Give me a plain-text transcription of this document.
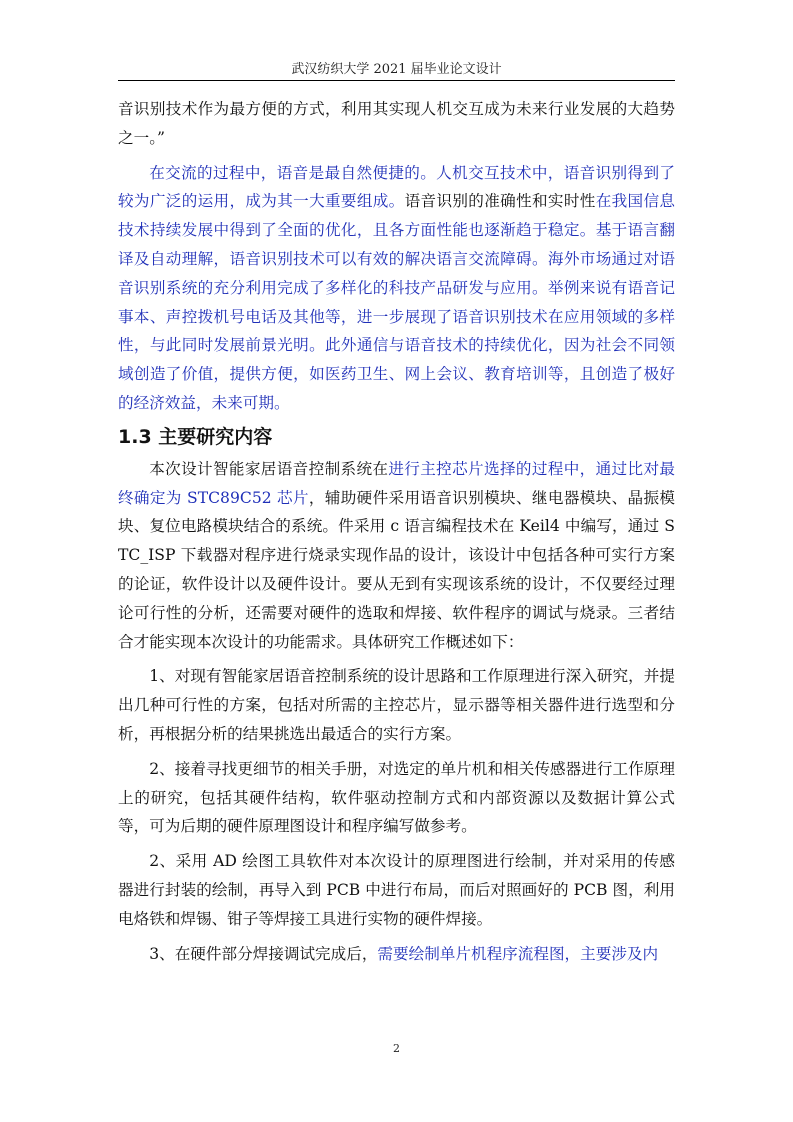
武汉纺织大学 2021 届毕业论文设计

音识别技术作为最方便的方式，利用其实现人机交互成为未来行业发展的大趋势之一。”

在交流的过程中，语音是最自然便捷的。人机交互技术中，语音识别得到了较为广泛的运用，成为其一大重要组成。语音识别的准确性和实时性在我国信息技术持续发展中得到了全面的优化，且各方面性能也逐渐趋于稳定。基于语言翻译及自动理解，语音识别技术可以有效的解决语言交流障碍。海外市场通过对语音识别系统的充分利用完成了多样化的科技产品研发与应用。举例来说有语音记事本、声控拨机号电话及其他等，进一步展现了语音识别技术在应用领域的多样性，与此同时发展前景光明。此外通信与语音技术的持续优化，因为社会不同领域创造了价值，提供方便，如医药卫生、网上会议、教育培训等，且创造了极好的经济效益，未来可期。

1.3 主要研究内容

本次设计智能家居语音控制系统在进行主控芯片选择的过程中，通过比对最终确定为 STC89C52 芯片，辅助硬件采用语音识别模块、继电器模块、晶振模块、复位电路模块结合的系统。件采用 c 语言编程技术在 Keil4 中编写，通过 STC_ISP 下载器对程序进行烧录实现作品的设计，该设计中包括各种可实行方案的论证，软件设计以及硬件设计。要从无到有实现该系统的设计，不仅要经过理论可行性的分析，还需要对硬件的选取和焊接、软件程序的调试与烧录。三者结合才能实现本次设计的功能需求。具体研究工作概述如下：

1、对现有智能家居语音控制系统的设计思路和工作原理进行深入研究，并提出几种可行性的方案，包括对所需的主控芯片，显示器等相关器件进行选型和分析，再根据分析的结果挑选出最适合的实行方案。

2、接着寻找更细节的相关手册，对选定的单片机和相关传感器进行工作原理上的研究，包括其硬件结构，软件驱动控制方式和内部资源以及数据计算公式等，可为后期的硬件原理图设计和程序编写做参考。

2、采用 AD 绘图工具软件对本次设计的原理图进行绘制，并对采用的传感器进行封装的绘制，再导入到 PCB 中进行布局，而后对照画好的 PCB 图，利用电烙铁和焊锡、钳子等焊接工具进行实物的硬件焊接。

3、在硬件部分焊接调试完成后，需要绘制单片机程序流程图，主要涉及内

2
